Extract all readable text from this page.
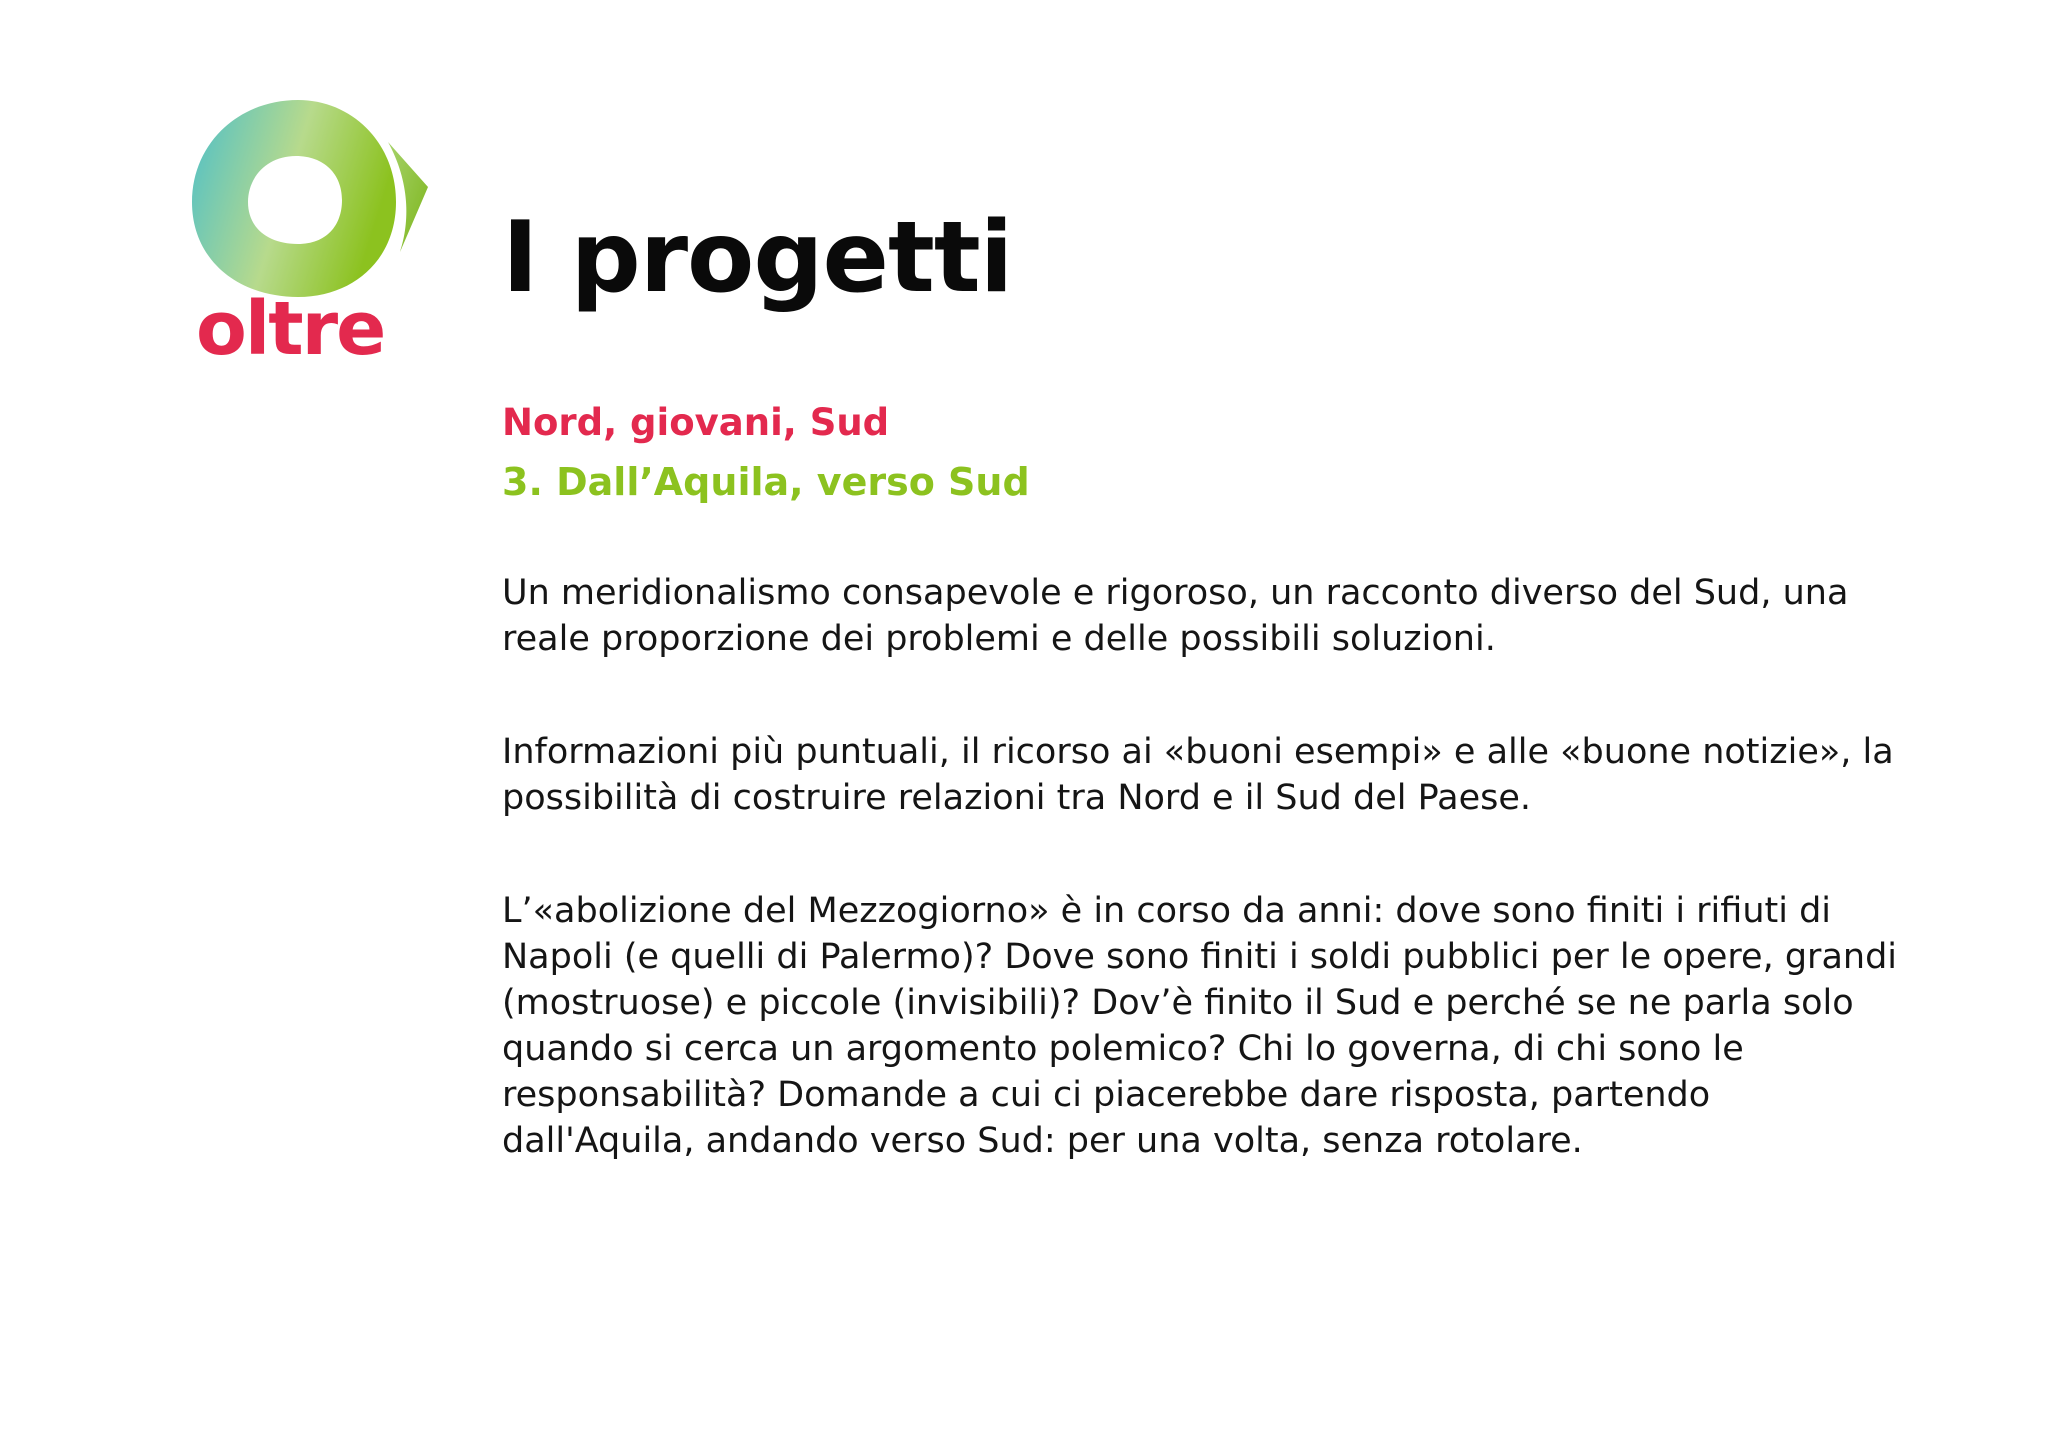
oltre
I progetti
Nord, giovani, Sud
3. Dall’Aquila, verso Sud

Un meridionalismo consapevole e rigoroso, un racconto diverso del Sud, una reale proporzione dei problemi e delle possibili soluzioni.

Informazioni più puntuali, il ricorso ai «buoni esempi» e alle «buone notizie», la possibilità di costruire relazioni tra Nord e il Sud del Paese.

L’«abolizione del Mezzogiorno» è in corso da anni: dove sono finiti i rifiuti di Napoli (e quelli di Palermo)? Dove sono finiti i soldi pubblici per le opere, grandi (mostruose) e piccole (invisibili)? Dov’è finito il Sud e perché se ne parla solo quando si cerca un argomento polemico? Chi lo governa, di chi sono le responsabilità? Domande a cui ci piacerebbe dare risposta, partendo dall'Aquila, andando verso Sud: per una volta, senza rotolare.
